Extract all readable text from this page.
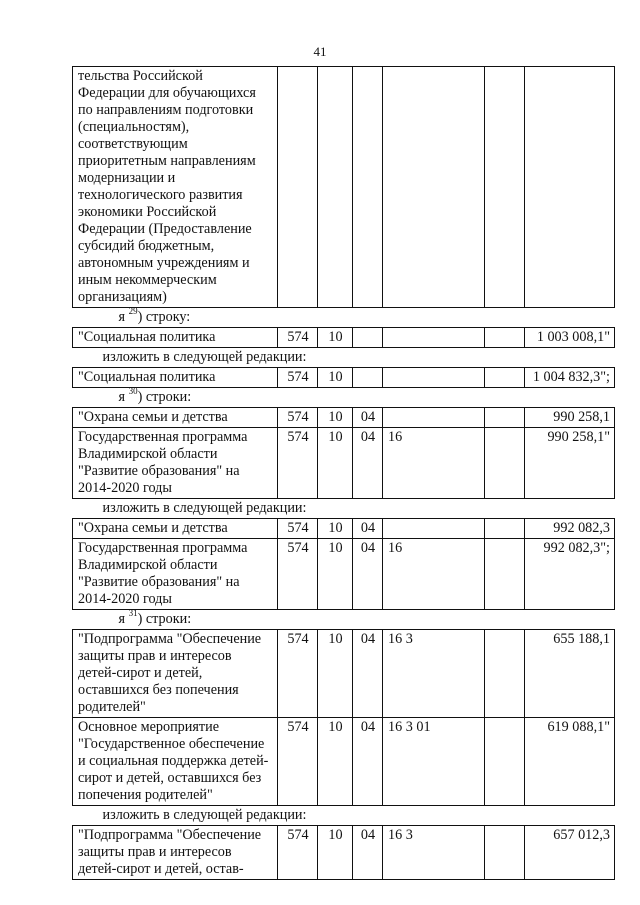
41
тельства Российской Федерации для обучающихся по направлениям подготовки (специальностям), соответствующим приоритетным направлениям модернизации и технологического развития экономики Российской Федерации (Предоставление субсидий бюджетным, автономным учреждениям и иным некоммерческим организациям)						
я $^{29}$) строку:						
"Социальная политика	574	10				1 003 008,1"
изложить в следующей редакции:						
"Социальная политика	574	10				1 004 832,3";
я $^{30}$) строки:						
"Охрана семьи и детства	574	10	04			990 258,1
Государственная программа Владимирской области "Развитие образования" на 2014-2020 годы	574	10	04	16		990 258,1"
изложить в следующей редакции:						
"Охрана семьи и детства	574	10	04			992 082,3
Государственная программа Владимирской области "Развитие образования" на 2014-2020 годы	574	10	04	16		992 082,3";
я $^{31}$) строки:						
"Подпрограмма "Обеспечение защиты прав и интересов детей-сирот и детей, оставшихся без попечения родителей"	574	10	04	16 3		655 188,1
Основное мероприятие "Государственное обеспечение и социальная поддержка детей-сирот и детей, оставшихся без попечения родителей"	574	10	04	16 3 01		619 088,1"
изложить в следующей редакции:						
"Подпрограмма "Обеспечение защиты прав и интересов детей-сирот и детей, остав-	574	10	04	16 3		657 012,3
